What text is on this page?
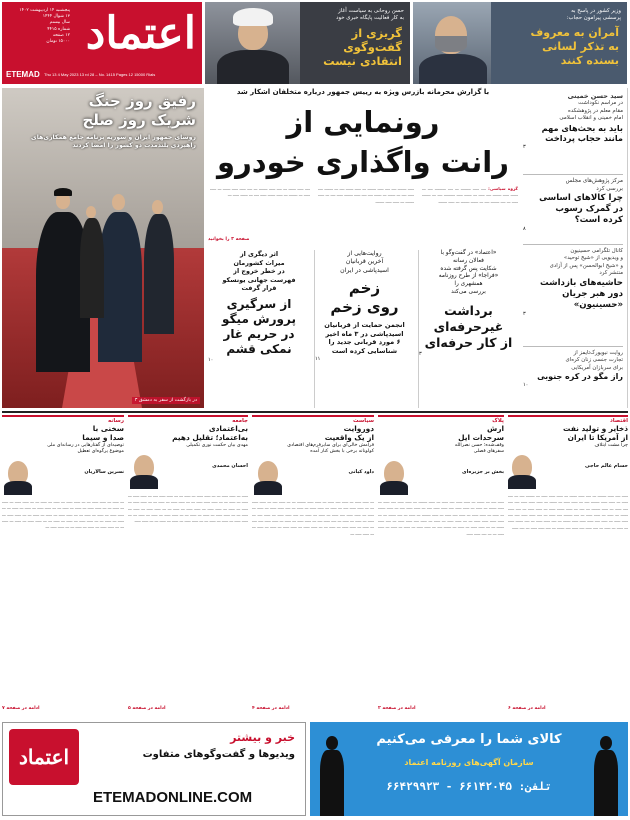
اعتماد
پنجشنبه ۱۴ اردیبهشت ۱۴۰۲
۱۳ شوال ۱۴۴۴
سال بیستم
شماره ۴۴۱۵
۱۲ صفحه
۱۵۰۰۰ تومان
ETEMAD Thu 13 4 May 2023 13 rd 28 – No. 1415 Pages 12 15000 Rials
حسن روحانی به سیاست آغاز
به کار فعالیت پایگاه خبری خود
گریزی از
گفت‌وگوی
انتقادی نیست
وزیر کشور در پاسخ به
پرسشی پیرامون حجاب:
آمران به معروف
به تذکر لسانی
بسنده کنند
سید حسن خمینی
در مراسم نکوداشت
مقام معلم در پژوهشکده
امام خمینی و انقلاب اسلامی
باید به بحث‌های مهم
مانند حجاب پرداخت
۳
مرکز پژوهش‌های مجلس
بررسی کرد
چرا کالاهای اساسی
در گمرک رسوب
کرده است؟
۸
کانال تلگرامی حسینیون
و ویدیویی از «شیخ توحید»
و «شیخ ابوالحسن» پس از آزادی
منتشر کرد
حاشیه‌های بازداشت
دور هبر جریان
«حسینیون»
۳
روایت نیویورک‌تایمز از
تجارت جنسی زنان کره‌ای
برای سربازان آمریکایی
راز مگو در کره جنوبی
۱۰
با گزارش محرمانه بازرس ویژه به رییس جمهور درباره متخلفان اشکار شد
رونمایی از
رانت واگذاری خودرو
گروه سیاسی: ــــ ـــــ ــــــــ ـــ ــــ ـــــــــ ــــ ـــ ــــــ ـــــ ـــــــ ــــ ـــــ ـــ ــــــ ـــــ ـــــــــ ــــ ـــ ـــــــ ـــــ ـــ ــــ ـــــــ ــــ ـــ ــــــ ـــــــ ـــ ـــــ ـــــــ
ـــــ ـــــــ ــــ ــــ ـــــ ـــــــ ـــ ـــــ ــــــ ــــ ـــ ـــــــ ــــ ـــــ ــــ ـــ ــــــ ـــ ــــــ ــــ ــــ ـــــ ـــــــ ـــــ ــــ ـــ ـــــ ـــــــ ـــ ـــــ ـــــ ـــــــ
ــــ ـــــ ــــــ ـــ ــــ ـــــ ـــــــ ـــ ــــ ـــــ ـــــ ــــــ ـــ ـــــ ـــــ ـــ ـــــــ ـــ ـــــ ــــــ ـــــ ــــ ـــ ــــــ ـــــ ـــ
صفحه ۳ را بخوانید
رفیق روز جنگ
شریک روز صلح
روسای جمهور ایران و سوریه برنامه جامع همکاری‌های
راهبردی بلندمدت دو کشور را امضا کردند
در بازگشت از سفر به دمشق ۳
«اعتماد» در گفت‌وگو با
فعالان رسانه
شکایت پس گرفته شده
«فراجا» از طرح روزنامه
همشهری را
بررسی می‌کند
برداشت
غیرحرفه‌ای
از کار حرفه‌ای
۳
روایت‌هایی از
آخرین قربانیان
اسیدپاشی در ایران
زخم
روی زخم
انجمن حمایت از قربانیان
اسیدپاشی در ۳ ماه اخیر
۶ مورد قربانی جدید را
شناسایی کرده است
۱۱
اثر دیگری از
میراث کشورمان
در خطر خروج از
فهرست جهانی یونسکو
قرار گرفت
از سرگیری
پرورش میگو
در حریم غار
نمکی قشم
۱۰
اقتصاد
ذخایر و تولید نفت
از آمریکا تا ایران
چرا مشت ایتلاف
حسام عالم حاجی
ـــــ ــــ ـــــ ـــــــ ـــ ــــ ـــــ ــــــ ـــ ـــــ ـــــ ـــــ ـــ ـــــــ ــــ ـــ ــــ ـــــ ـــ ـــــ ـــــ ـــــــ ــــ ـــ ـــــ ـــــ ـــ ــــــ ـــ ـــــ ـــــ ـــــ ــــ ــــ ــــ ـــــ ـــ ـــــ ـــــــ ـــ ــــ ـــ ـــــ ــــــ ـــــ ـــ ـــــ ـــــ ـــ ــــ ـــــ ــــــ ـــ ـــــ ـــ ـــــ ـــــ ـــ ــــ ـــــــ ــــ ـــــ ـــ ــــ ـــــ ـــــ ــــ ــــ ـــــ ـــــ ـــ ـــــ ــــ ـــــ ـــــ ـــــ ــــــ ـــ ــــ ـــــ ـــــ ـــ ــــ ــــــ ـــــ ـــ ـــــ ـــ ـــــ ـــ ــــ ـــــ ــــ ـــــ ــــ ــــــ ـــ ــــ ـــــ ـــــ ـــ ــــ ـــــ
ادامه در صفحه ۶
پلاک
ارش
سرحدات ایل
وقف‌شده؛ حسن نصرالله
سفرهای فصلی
بخش بر جزیره‌ای
ـــــ ــــ ـــ ــــــ ـــ ـــــ ـــــ ــــ ـــــ ـــ ـــــ ـــــــ ـــ ـــــ ـــــ ــــ ـــــ ـــ ـــــ ــــــ ـــ ـــــ ـــ ـــــ ـــــ ــــ ـــــ ـــــ ــــ ـــ ـــــ ـــــ ــــ ـــ ـــــ ــــــ ـــ ـــــ ـــ ـــــ ـــــ ـــ ـــــ ــــ ـــــ ـــ ـــــ ـــــــ ـــ ـــــ ـــ ــــ ــــــ ـــ ـــ ـــــ ـــــ ـــــ ـــــ ـــ ـــ ـــــ ـــــ ـــ ـــــ ـــ ـــــ ــــ ـــــ ـــــ ـــ ــــ ـــــ ــــــ ـــ ـــ ـــــ ـــــ ـــ ـــــ ـــ ــــــ ــــ ـــ ـــــ ـــــ ـــ ـــــ ـــ ـــــ ـــ ـــــ ـــــ ـــ ـــ ــــ ـــــ ـــــ
ادامه در صفحه ۲
سیاست
دوروایت
از یک واقعیت
فرامش خالی‌ای برای سایرفرم‌های اقتصادی
کولونانه برخی با بخش کنار آمده
داود کیانی
ـــ ـــــ ـــــ ـــ ـــــ ــــ ـــــ ـــ ـــــ ـــــ ـــــــ ـــ ـــ ـــــ ــــ ـــ ـــــ ـــــ ـــ ـــ ـــــ ـــــ ــــ ـــ ـــــ ـــ ـــــ ـــــ ـــ ـــــ ـــ ــــ ـــــ ـــــ ـــ ـــــ ـــ ـــــ ـــ ـــــ ـــــ ــــ ـــــ ـــ ـــــ ـــ ـــــ ـــ ــــ ـــــ ـــــ ـــ ـــــ ــــ ـــ ـــــ ـــ ـــــ ـــ ـــــ ـــ ــــ ـــــ ــــ ـــ ـــــ ـــــ ـــ ـــــ ـــ ـــــ ـــــ ــــ ــــ ـــ ـــــ ـــ ـــــ ـــــ ـــ ـــــ ـــ ـــ ـــــ ـــــ ـــ ـــــ ـــــ ـــ ـــــ ـــ ـــــ ـــ ـــ ـــــ ـــــ ـــ
ادامه در صفحه ۴
جامعه
بی‌اعتمادی
به‌اعتماد؛ تقلیل دهیم
مهدی بیان حکمت نوری تکمیلی
احسان محمدی
ـــــ ـــ ـــــ ـــــ ـــ ـــ ـــــ ـــــ ـــ ـــــ ـــ ـــ ـــــ ـــــ ــــ ـــ ـــــ ـــــ ـــ ـــــ ـــ ـــــ ـــ ـــ ـــــ ـــــ ـــــ ـــ ـــ ـــــ ـــــ ـــ ـــــ ـــ ـــ ـــــ ـــــ ـــ ـــــ ـــ ـــــ ـــ ـــــ ـــــ ـــ ـــــ ـــــ ـــ ـــــ ـــ ـــ ـــــ ـــــ ـــ ـــــ ـــ ـــــ ـــ ـــ ـــــ ـــــ ـــ ـــــ ـــ ـــــ ـــ ـــ ـــــ ـــــ ـــ ـــــ ـــ ـــــ ـــ ـــ ـــــ ـــــ ـــ ـــــ ـــ ـــــ ـــ ـــ ـــــ ـــــ ـــ ـــــ ـــ ـــــ ـــ ـــ ـــــ ـــــ
ادامه در صفحه ۵
رسانه
سخنی با
صدا و سیما
توصیه‌ای از گفتارهایی در رسانه‌ای ملی
موضوع پرگوه‌ای تعطیل
نسرین سالاریان
ـــ ـــــ ـــ ـــــ ـــــ ـــ ـــ ـــــ ـــــ ـــ ـــــ ـــ ـــــ ـــ ـــ ـــــ ـــــ ـــ ـــــ ـــ ـــــ ـــ ـــ ـــــ ـــــ ـــ ـــــ ـــ ـــــ ـــ ـــ ـــــ ـــــ ـــ ـــــ ـــ ـــــ ـــ ـــ ـــــ ـــــ ـــ ـــــ ـــ ـــــ ـــ ـــ ـــــ ـــــ ـــ ـــــ ـــ ـــــ ـــ ـــ ـــــ ـــــ ـــ ـــــ ـــ ـــــ ـــ ـــ ـــــ ـــــ ـــ ـــــ ـــ ـــــ ـــ ـــ ـــــ ـــــ ـــ ـــــ ـــ ـــــ ـــ ـــ ـــــ ـــــ ـــ ـــــ ـــ ـــــ ـــ ـــ ـــــ ـــــ ـــ
ادامه در صفحه ۷
اعتماد
خبر و بیشتر
ویدیوها و گفت‌وگوهای متفاوت
ETEMADONLINE.COM
کالای شما را معرفی می‌کنیم
سازمان آگهی‌های روزنامه اعتماد
تلفن: ۶۶۱۴۲۰۴۵ - ۶۶۴۲۹۹۲۳
